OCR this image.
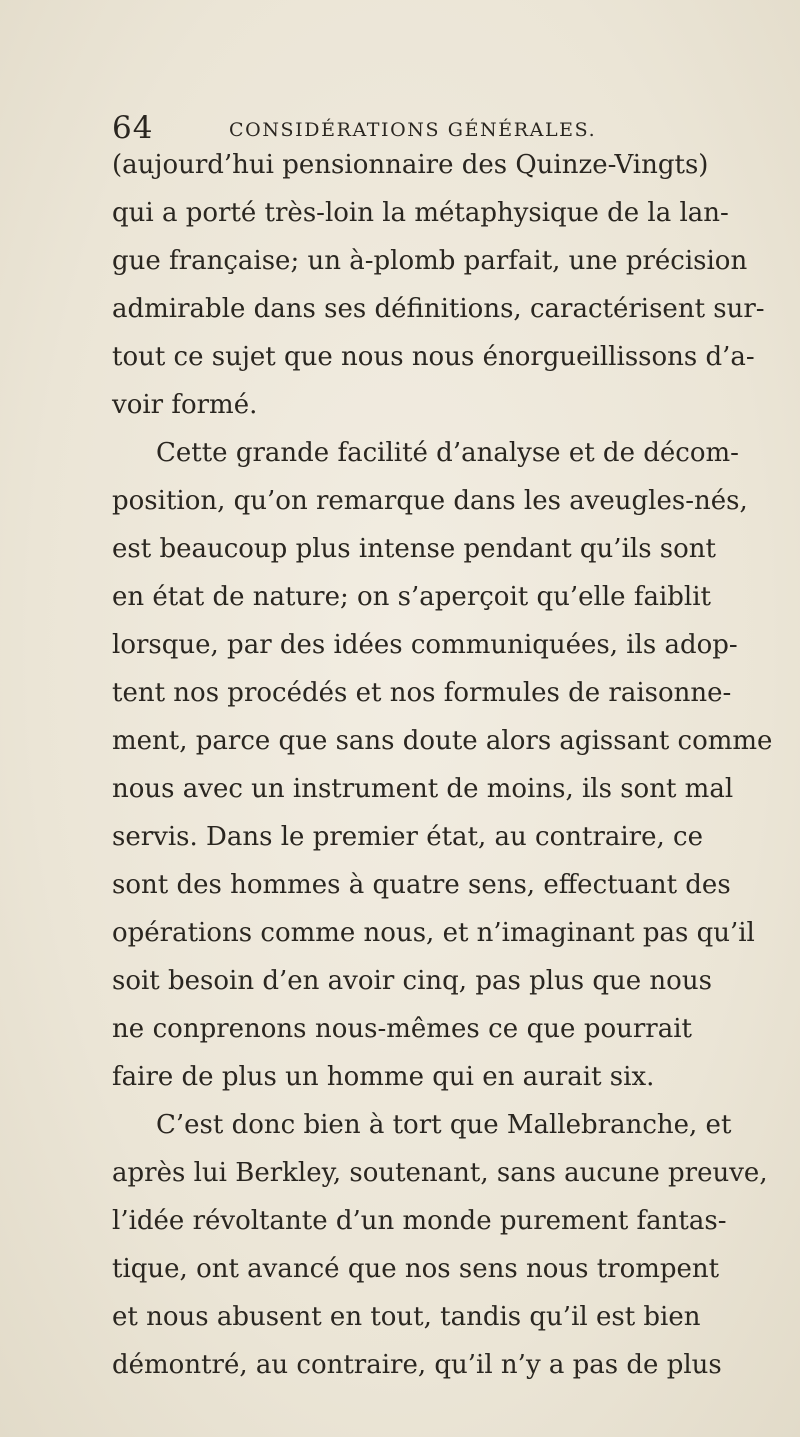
64	CONSIDÉRATIONS GÉNÉRALES.
(aujourd’hui pensionnaire des Quinze-Vingts)
qui a porté très-loin la métaphysique de la lan-
gue française; un à-plomb parfait, une précision
admirable dans ses définitions, caractérisent sur-
tout ce sujet que nous nous énorgueillissons d’a-
voir formé.
Cette grande facilité d’analyse et de décom-
position, qu’on remarque dans les aveugles-nés,
est beaucoup plus intense pendant qu’ils sont
en état de nature; on s’aperçoit qu’elle faiblit
lorsque, par des idées communiquées, ils adop-
tent nos procédés et nos formules de raisonne-
ment, parce que sans doute alors agissant comme
nous avec un instrument de moins, ils sont mal
servis. Dans le premier état, au contraire, ce
sont des hommes à quatre sens, effectuant des
opérations comme nous, et n’imaginant pas qu’il
soit besoin d’en avoir cinq, pas plus que nous
ne conprenons nous-mêmes ce que pourrait
faire de plus un homme qui en aurait six.
C’est donc bien à tort que Mallebranche, et
après lui Berkley, soutenant, sans aucune preuve,
l’idée révoltante d’un monde purement fantas-
tique, ont avancé que nos sens nous trompent
et nous abusent en tout, tandis qu’il est bien
démontré, au contraire, qu’il n’y a pas de plus
